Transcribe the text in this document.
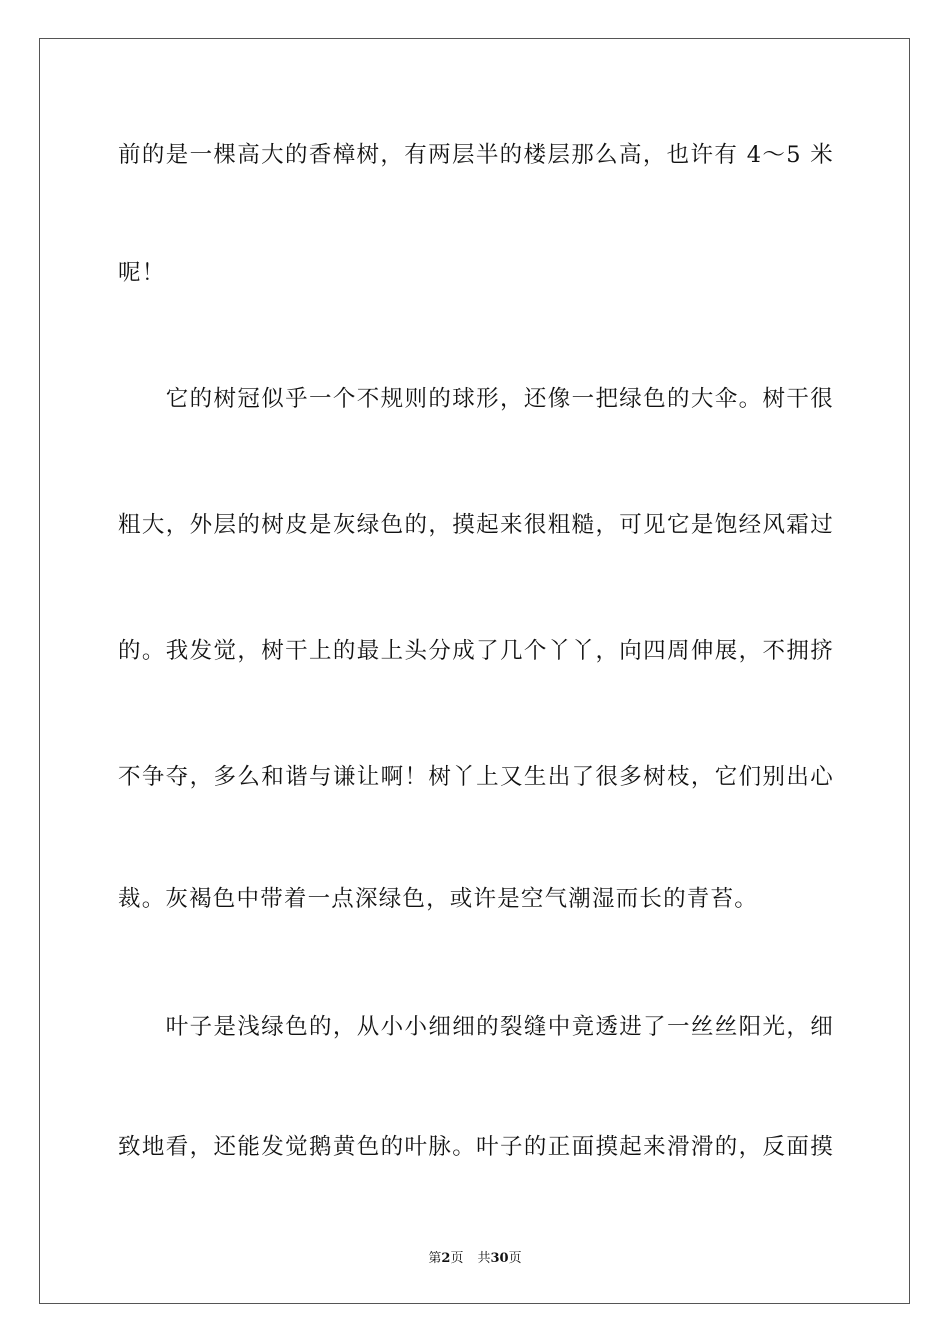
前的是一棵高大的香樟树，有两层半的楼层那么高，也许有 4～5 米
呢！
　　它的树冠似乎一个不规则的球形，还像一把绿色的大伞。树干很
粗大，外层的树皮是灰绿色的，摸起来很粗糙，可见它是饱经风霜过
的。我发觉，树干上的最上头分成了几个丫丫，向四周伸展，不拥挤
不争夺，多么和谐与谦让啊！树丫上又生出了很多树枝，它们别出心
裁。灰褐色中带着一点深绿色，或许是空气潮湿而长的青苔。
　　叶子是浅绿色的，从小小细细的裂缝中竟透进了一丝丝阳光，细
致地看，还能发觉鹅黄色的叶脉。叶子的正面摸起来滑滑的，反面摸
第2页 共30页
